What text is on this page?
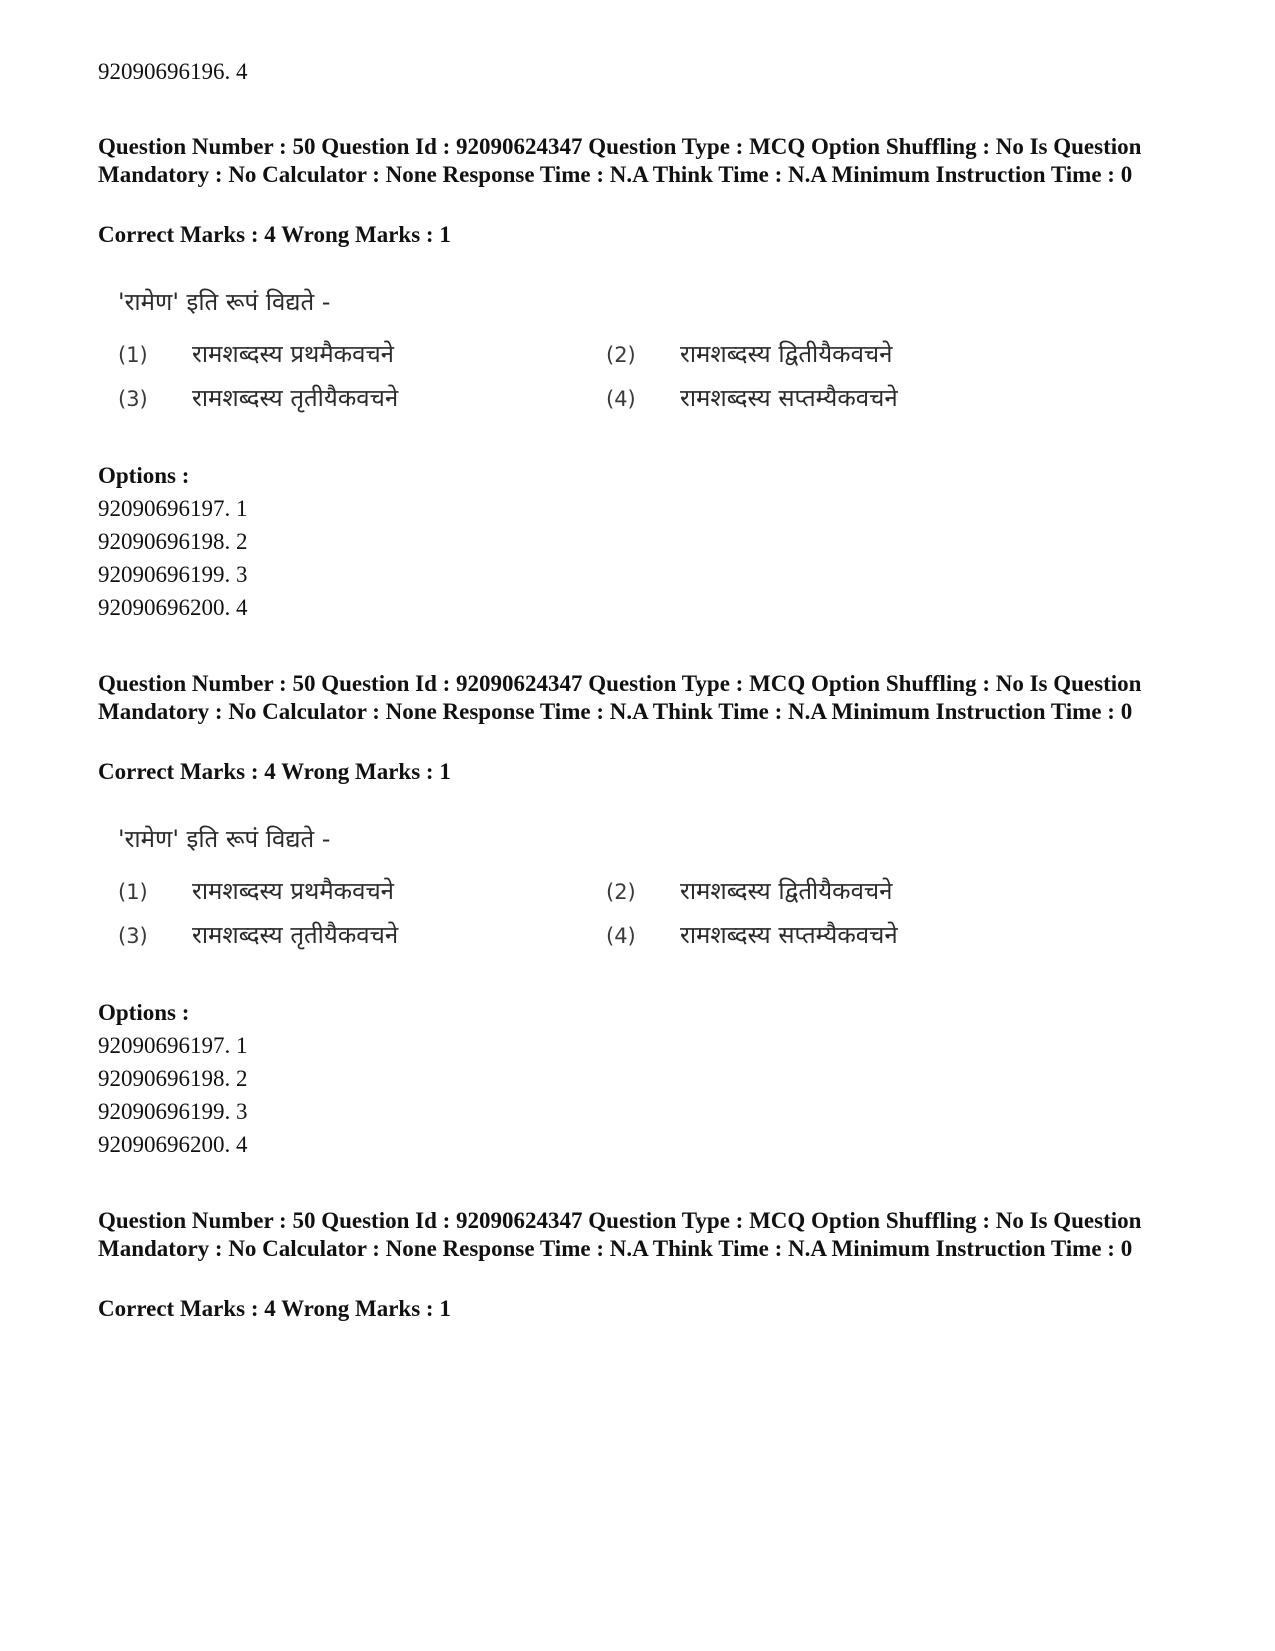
92090696196. 4
Question Number : 50 Question Id : 92090624347 Question Type : MCQ Option Shuffling : No Is Question Mandatory : No Calculator : None Response Time : N.A Think Time : N.A Minimum Instruction Time : 0
Correct Marks : 4 Wrong Marks : 1
'रामेण' इति रूपं विद्यते -
(1) रामशब्दस्य प्रथमैकवचने	(2) रामशब्दस्य द्वितीयैकवचने
(3) रामशब्दस्य तृतीयैकवचने	(4) रामशब्दस्य सप्तम्यैकवचने
Options :
92090696197. 1
92090696198. 2
92090696199. 3
92090696200. 4
Question Number : 50 Question Id : 92090624347 Question Type : MCQ Option Shuffling : No Is Question Mandatory : No Calculator : None Response Time : N.A Think Time : N.A Minimum Instruction Time : 0
Correct Marks : 4 Wrong Marks : 1
'रामेण' इति रूपं विद्यते -
(1) रामशब्दस्य प्रथमैकवचने	(2) रामशब्दस्य द्वितीयैकवचने
(3) रामशब्दस्य तृतीयैकवचने	(4) रामशब्दस्य सप्तम्यैकवचने
Options :
92090696197. 1
92090696198. 2
92090696199. 3
92090696200. 4
Question Number : 50 Question Id : 92090624347 Question Type : MCQ Option Shuffling : No Is Question Mandatory : No Calculator : None Response Time : N.A Think Time : N.A Minimum Instruction Time : 0
Correct Marks : 4 Wrong Marks : 1
